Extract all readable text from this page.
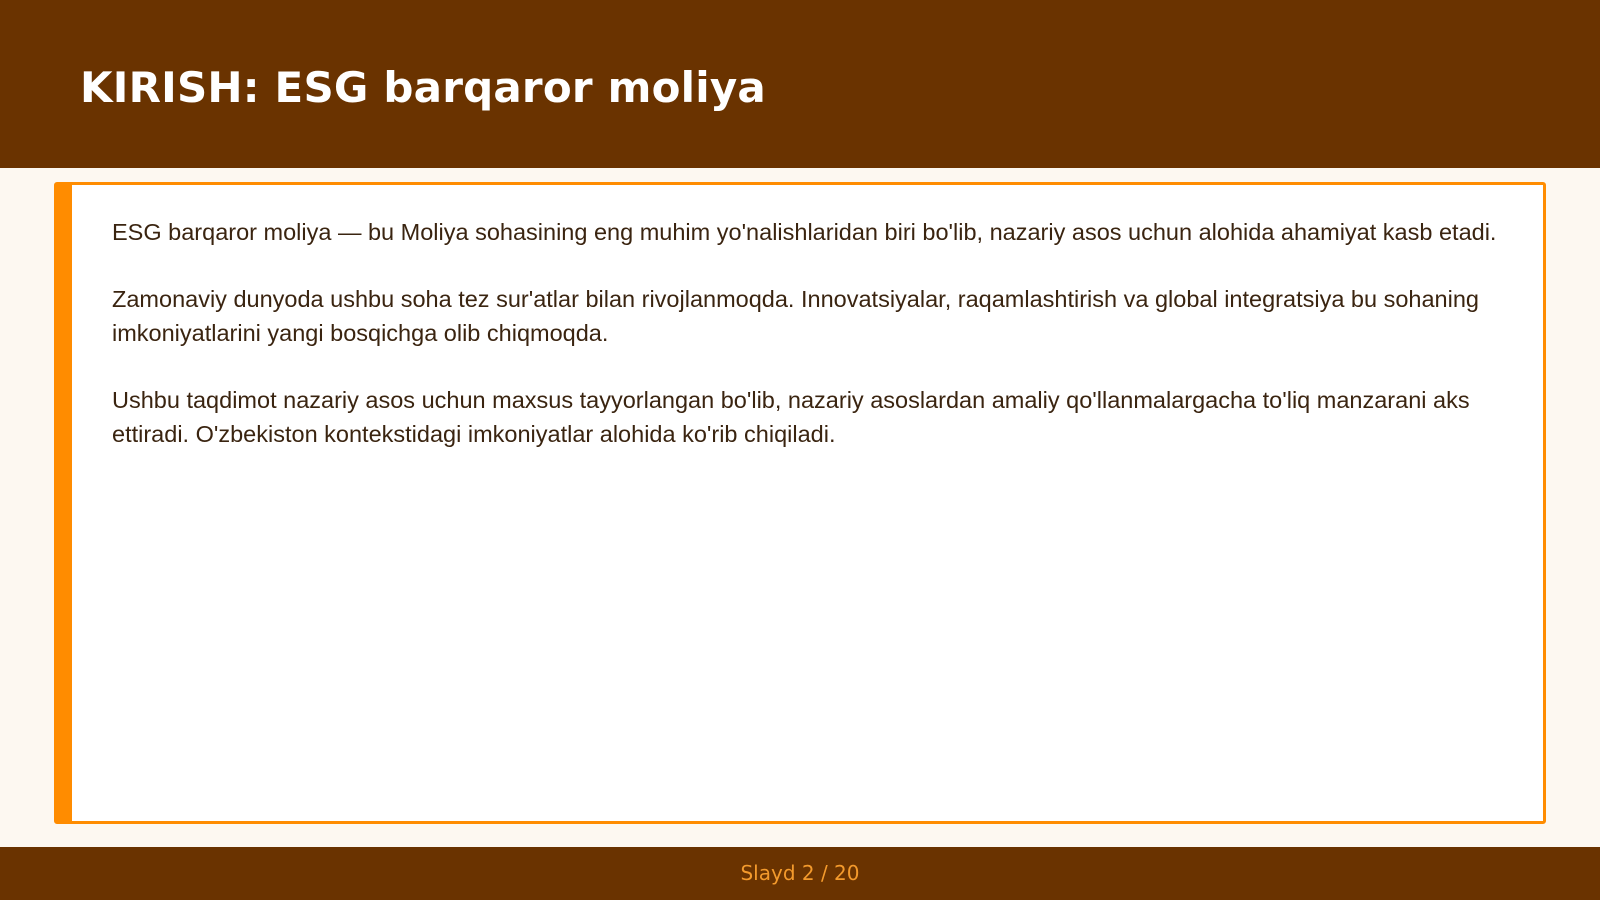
KIRISH: ESG barqaror moliya

ESG barqaror moliya — bu Moliya sohasining eng muhim yo'nalishlaridan biri bo'lib, nazariy asos uchun alohida ahamiyat kasb etadi.

Zamonaviy dunyoda ushbu soha tez sur'atlar bilan rivojlanmoqda. Innovatsiyalar, raqamlashtirish va global integratsiya bu sohaning imkoniyatlarini yangi bosqichga olib chiqmoqda.

Ushbu taqdimot nazariy asos uchun maxsus tayyorlangan bo'lib, nazariy asoslardan amaliy qo'llanmalargacha to'liq manzarani aks ettiradi. O'zbekiston kontekstidagi imkoniyatlar alohida ko'rib chiqiladi.

Slayd 2 / 20
